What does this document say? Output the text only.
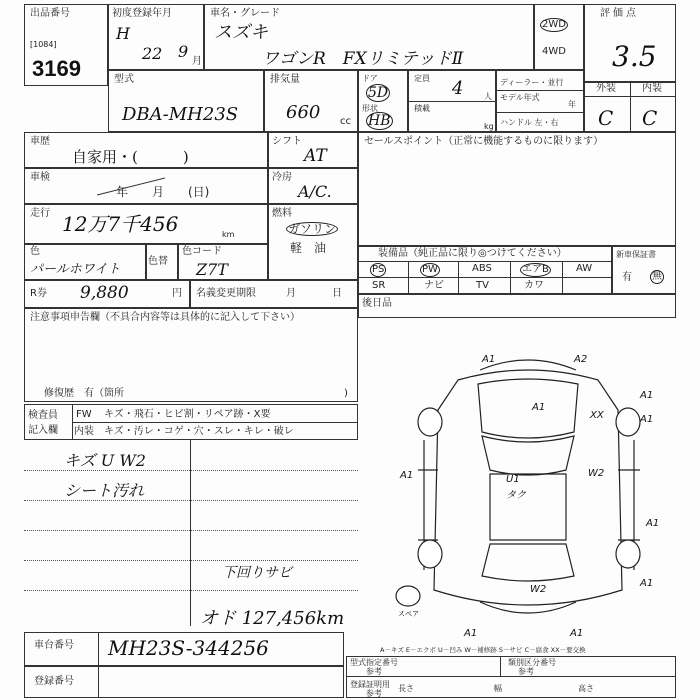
出品番号
[1084]
3169
初度登録年月
H
22 9
月
車名・グレード
スズキ
ワゴンR　FXリミテッドⅡ
2WD
4WD
評価点
3.5
型式
DBA-MH23S
排気量
660 cc
ドア
5D
形状
HB
定員 4	人
積載
kg
ディーラー・並行
モデル年式
年
ハンドル 左・右
外装	内装
C C
車歴
自家用・(　　　)
シフト
AT
車検
年　　月　　(日)
冷房
A/C.
走行 12万7千456	km
燃料
ガソリン
軽　油
色
パールホワイト
色替
色コード
Z7T
セールスポイント（正常に機能するものに限ります）
装備品（純正品に限り◎つけてください）
PS	PW	ABS	エアB	AW
SR	ナビ	TV	カワ
新車保証書
有 無
R券 9,880	円 名義変更期限	月	日
後日品
注意事項申告欄（不具合内容等は具体的に記入して下さい）
修復歴　有（箇所	)
検査員記入欄
FW キズ・飛石・ヒビ割・リペア跡・X要
内装 キズ・汚レ・コゲ・穴・スレ・キレ・破レ
キズ U W2
シート汚れ
下回りサビ
オド 127,456km
車台番号 MH23S-344256
登録番号
A－キズ E－エクボ U－凹み W－補修跡 S－サビ C－腐食 XX－要交換
型式指定番号
参考
類別区分番号
参考
登録証明用
参考
長さ	幅	高さ
スペア
A1	A2
A1
XX
A1
A1
A1	U1
タク
W2
A1
A1
W2
A1	A1
